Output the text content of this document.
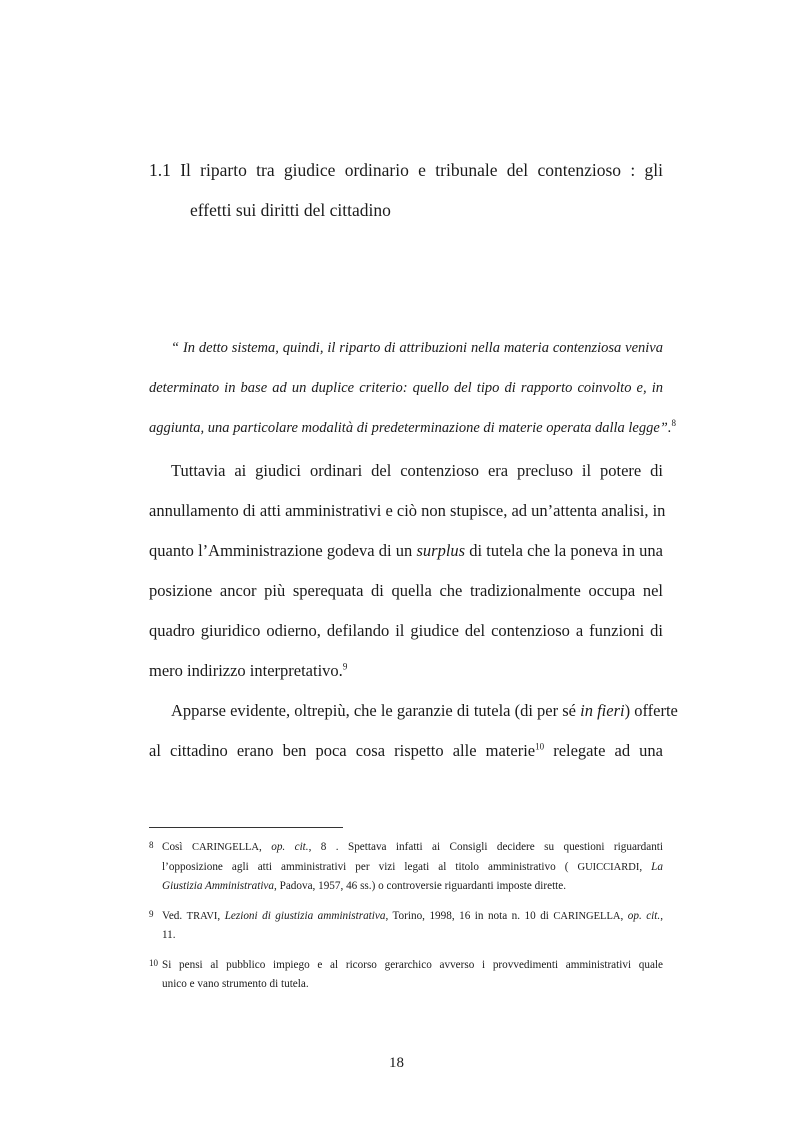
1.1 Il riparto tra giudice ordinario e tribunale del contenzioso : gli
effetti sui diritti del cittadino
“ In detto sistema, quindi, il riparto di attribuzioni nella materia contenziosa veniva
determinato in base ad un duplice criterio: quello del tipo di rapporto coinvolto e, in
aggiunta, una particolare modalità di predeterminazione di materie operata dalla legge”.$^8$
Tuttavia ai giudici ordinari del contenzioso era precluso il potere di
annullamento di atti amministrativi e ciò non stupisce, ad un’attenta analisi, in
quanto l’Amministrazione godeva di un surplus di tutela che la poneva in una
posizione ancor più sperequata di quella che tradizionalmente occupa nel
quadro giuridico odierno, defilando il giudice del contenzioso a funzioni di
mero indirizzo interpretativo.$^9$
Apparse evidente, oltrepiù, che le garanzie di tutela (di per sé in fieri) offerte
al cittadino erano ben poca cosa rispetto alle materie$^{10}$ relegate ad una
8 Così CARINGELLA, op. cit., 8 . Spettava infatti ai Consigli decidere su questioni riguardanti
l’opposizione agli atti amministrativi per vizi legati al titolo amministrativo ( GUICCIARDI, La
Giustizia Amministrativa, Padova, 1957, 46 ss.) o controversie riguardanti imposte dirette.
9 Ved. TRAVI, Lezioni di giustizia amministrativa, Torino, 1998, 16 in nota n. 10 di CARINGELLA, op. cit.,
11.
10 Si pensi al pubblico impiego e al ricorso gerarchico avverso i provvedimenti amministrativi quale
unico e vano strumento di tutela.
18
